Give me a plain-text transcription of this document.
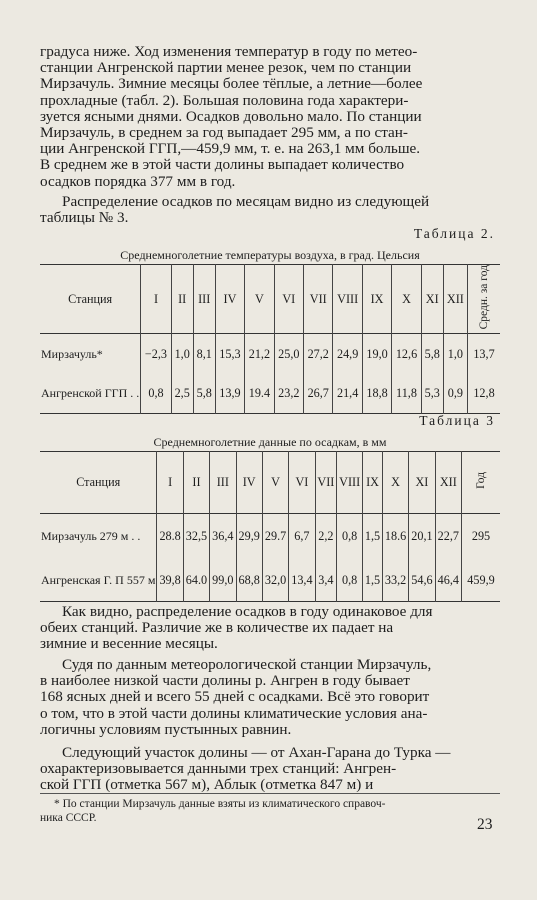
градуса ниже. Ход изменения температур в году по метео-
станции Ангренской партии менее резок, чем по станции
Мирзачуль. Зимние месяцы более тёплые, а летние—более
прохладные (табл. 2). Большая половина года характери-
зуется ясными днями. Осадков довольно мало. По станции
Мирзачуль, в среднем за год выпадает 295 мм, а по стан-
ции Ангренской ГГП,—459,9 мм, т. е. на 263,1 мм больше.
В среднем же в этой части долины выпадает количество
осадков порядка 377 мм в год.
Распределение осадков по месяцам видно из следующей
таблицы № 3.
Таблица 2.
Среднемноголетние температуры воздуха, в град. Цельсия
Станция	I	II	III	IV	V	VI	VII	VIII	IX	X	XI	XII	Средн. за год
Мирзачуль*	−2,3	1,0	8,1	15,3	21,2	25,0	27,2	24,9	19,0	12,6	5,8	1,0	13,7
Ангренской ГГП . .	0,8	2,5	5,8	13,9	19.4	23,2	26,7	21,4	18,8	11,8	5,3	0,9	12,8
Таблица 3
Среднемноголетние данные по осадкам, в мм
Станция	I	II	III	IV	V	VI	VII	VIII	IX	X	XI	XII	Год
Мирзачуль 279 м . .	28.8	32,5	36,4	29,9	29.7	6,7	2,2	0,8	1,5	18.6	20,1	22,7	295
Ангренская Г. П 557 м	39,8	64.0	99,0	68,8	32,0	13,4	3,4	0,8	1,5	33,2	54,6	46,4	459,9
Как видно, распределение осадков в году одинаковое для
обеих станций. Различие же в количестве их падает на
зимние и весенние месяцы.
Судя по данным метеорологической станции Мирзачуль,
в наиболее низкой части долины р. Ангрен в году бывает
168 ясных дней и всего 55 дней с осадками. Всё это говорит
о том, что в этой части долины климатические условия ана-
логичны условиям пустынных равнин.
Следующий участок долины — от Ахан-Гарана до Турка —
охарактеризовывается данными трех станций: Ангрен-
ской ГГП (отметка 567 м), Аблык (отметка 847 м) и
* По станции Мирзачуль данные взяты из климатического справоч-
ника СССР.	23
